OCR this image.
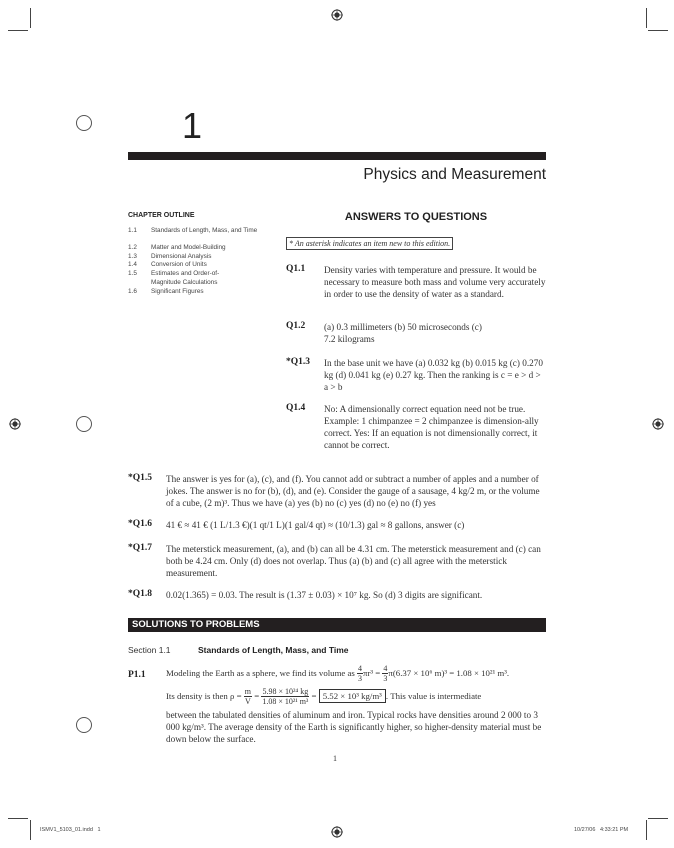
1
Physics and Measurement
CHAPTER OUTLINE
1.1 Standards of Length, Mass, and Time
1.2 Matter and Model-Building
1.3 Dimensional Analysis
1.4 Conversion of Units
1.5 Estimates and Order-of-Magnitude Calculations
1.6 Significant Figures
ANSWERS TO QUESTIONS
* An asterisk indicates an item new to this edition.
Q1.1 Density varies with temperature and pressure. It would be necessary to measure both mass and volume very accurately in order to use the density of water as a standard.
Q1.2 (a) 0.3 millimeters (b) 50 microseconds (c) 7.2 kilograms
*Q1.3 In the base unit we have (a) 0.032 kg (b) 0.015 kg (c) 0.270 kg (d) 0.041 kg (e) 0.27 kg. Then the ranking is c = e > d > a > b
Q1.4 No: A dimensionally correct equation need not be true. Example: 1 chimpanzee = 2 chimpanzee is dimension-ally correct. Yes: If an equation is not dimensionally correct, it cannot be correct.
*Q1.5 The answer is yes for (a), (c), and (f). You cannot add or subtract a number of apples and a number of jokes. The answer is no for (b), (d), and (e). Consider the gauge of a sausage, 4 kg/2 m, or the volume of a cube, (2 m)³. Thus we have (a) yes (b) no (c) yes (d) no (e) no (f) yes
*Q1.6 41 € ≈ 41 € (1 L/1.3 €)(1 qt/1 L)(1 gal/4 qt) ≈ (10/1.3) gal ≈ 8 gallons, answer (c)
*Q1.7 The meterstick measurement, (a), and (b) can all be 4.31 cm. The meterstick measurement and (c) can both be 4.24 cm. Only (d) does not overlap. Thus (a) (b) and (c) all agree with the meterstick measurement.
*Q1.8 0.02(1.365) = 0.03. The result is (1.37 ± 0.03) × 10⁷ kg. So (d) 3 digits are significant.
SOLUTIONS TO PROBLEMS
Section 1.1	Standards of Length, Mass, and Time
P1.1 Modeling the Earth as a sphere, we find its volume as $\frac{4}{3} \pi r^3 = \frac{4}{3} \pi(6.37 \times 10^6$ m)³ = 1.08 × 10²¹ m³.
Its density is then $\rho = \frac{m}{V} = \frac{\text{5.98 × 10²⁴ kg}}{\text{1.08 × 10²¹ m³}} = 5.52 \times 10^3$ kg/m³ . This value is intermediate
between the tabulated densities of aluminum and iron. Typical rocks have densities around 2 000 to 3 000 kg/m³. The average density of the Earth is significantly higher, so higher-density material must be down below the surface.
1
ISMV1_5103_01.indd   1	10/27/06   4:33:21 PM
